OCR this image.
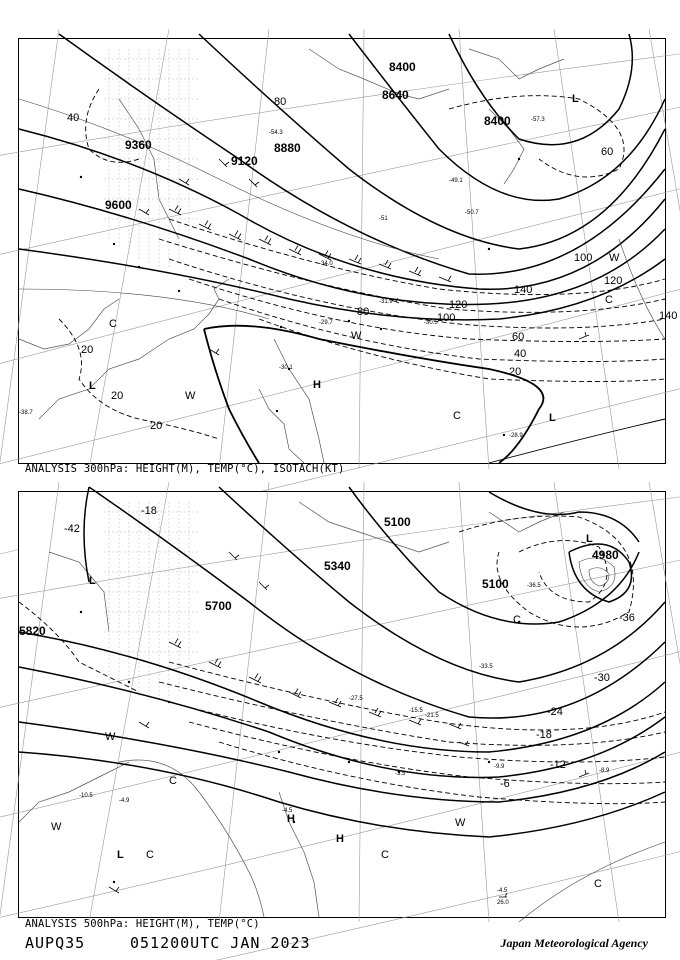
8400
8400
8640
8880
9120
9360
9600
140
120
100
80
60
40
20
20
20
20
40
60
80
100
120
140
H
L
L
L
C
C
C
W
W
W
-51
-50.7
-54.3
-31.9
-29.7	-30.5
-28.9
-30.1
-34.0
-38.7
-57.3
-49.1
ANALYSIS 300hPa: HEIGHT(M), TEMP(°C), ISOTACH(KT)
5100
5100
5340
5700
5820
4980
-36
-30
-24
-18
-12
-6
-42
-18
H
H
L
L
L
W
W	W
C
C	C
C
C
-9.9
-8.9
-3.5
-4.5
-10.5
-15.5
-21.5
-27.5
-33.5
-4.9
-36.5
-4.5
26.0
ANALYSIS 500hPa: HEIGHT(M), TEMP(°C)
AUPQ35	051200UTC JAN 2023	Japan Meteorological Agency
